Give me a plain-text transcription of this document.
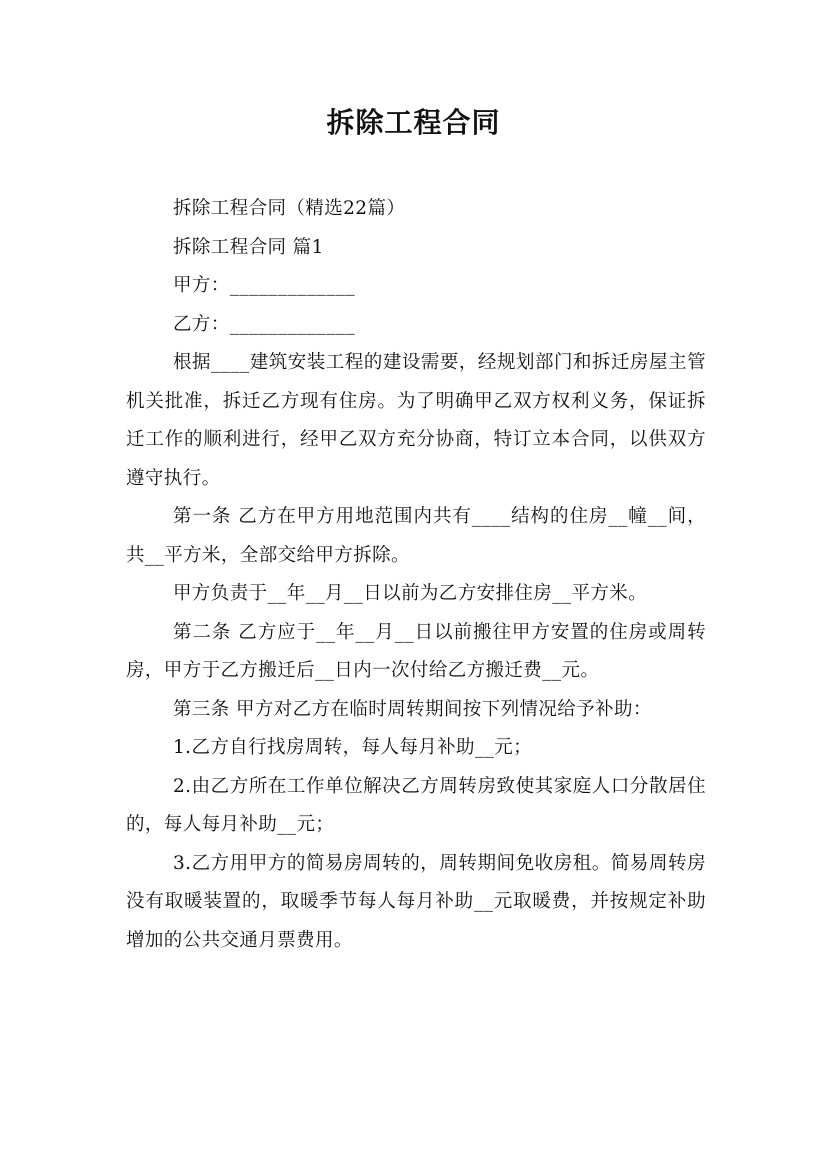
拆除工程合同

拆除工程合同（精选22篇）

拆除工程合同 篇1

甲方：_____________

乙方：_____________

根据____建筑安装工程的建设需要，经规划部门和拆迁房屋主管机关批准，拆迁乙方现有住房。为了明确甲乙双方权利义务，保证拆迁工作的顺利进行，经甲乙双方充分协商，特订立本合同，以供双方遵守执行。

第一条 乙方在甲方用地范围内共有____结构的住房__幢__间，共__平方米，全部交给甲方拆除。

甲方负责于__年__月__日以前为乙方安排住房__平方米。

第二条 乙方应于__年__月__日以前搬往甲方安置的住房或周转房，甲方于乙方搬迁后__日内一次付给乙方搬迁费__元。

第三条 甲方对乙方在临时周转期间按下列情况给予补助：

1.乙方自行找房周转，每人每月补助__元；

2.由乙方所在工作单位解决乙方周转房致使其家庭人口分散居住的，每人每月补助__元；

3.乙方用甲方的简易房周转的，周转期间免收房租。简易周转房没有取暖装置的，取暖季节每人每月补助__元取暖费，并按规定补助增加的公共交通月票费用。
